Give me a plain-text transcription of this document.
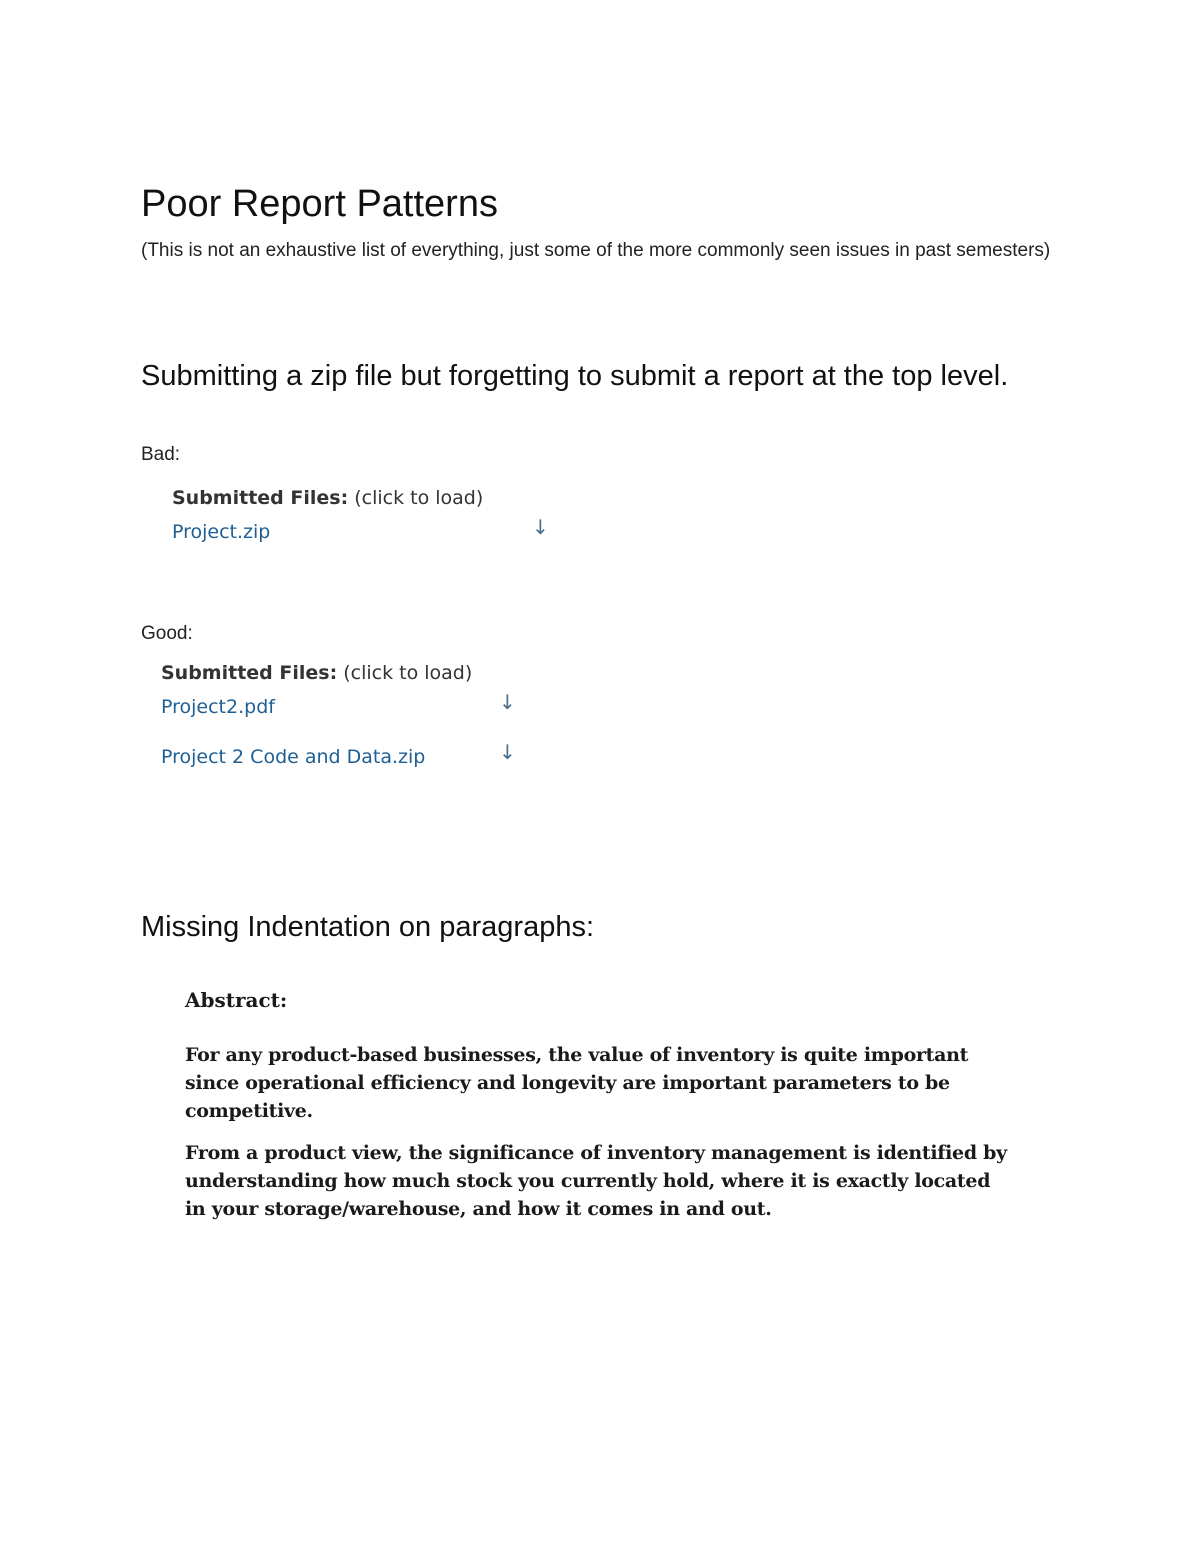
Poor Report Patterns

(This is not an exhaustive list of everything, just some of the more commonly seen issues in past semesters)

Submitting a zip file but forgetting to submit a report at the top level.
Bad:
Submitted Files: (click to load)
Project.zip	↓
Good:
Submitted Files: (click to load)
Project2.pdf	↓
Project 2 Code and Data.zip	↓
Missing Indentation on paragraphs:
Abstract:

For any product-based businesses, the value of inventory is quite important since operational efficiency and longevity are important parameters to be competitive.

From a product view, the significance of inventory management is identified by understanding how much stock you currently hold, where it is exactly located in your storage/warehouse, and how it comes in and out.
